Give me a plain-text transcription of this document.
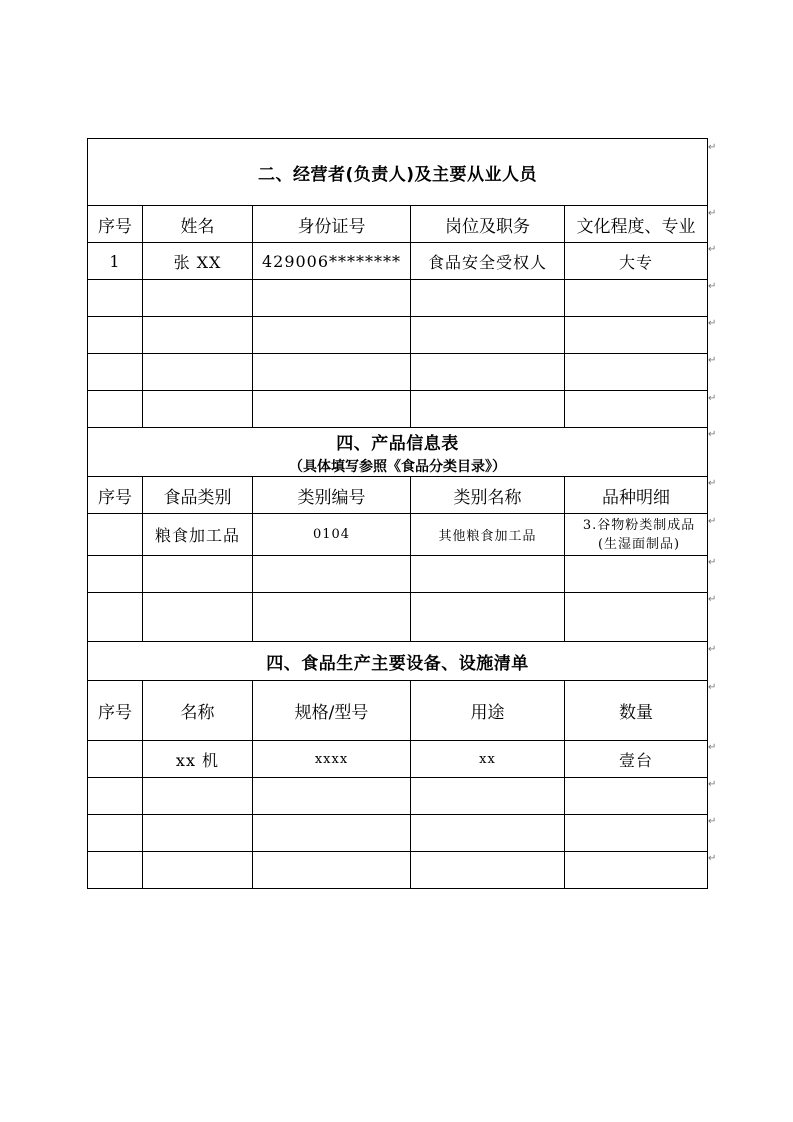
二、经营者(负责人)及主要从业人员				

序号	姓名	身份证号	岗位及职务	文化程度、专业
1	张 XX	429006********	食品安全受权人	大专

四、产品信息表
（具体填写参照《食品分类目录》）				

序号	食品类别	类别编号	类别名称	品种明细
	粮食加工品	0104	其他粮食加工品	3.谷物粉类制成品
(生湿面制品)

四、食品生产主要设备、设施清单				

序号	名称	规格/型号	用途	数量
	xx 机	xxxx	xx	壹台

↵
↵
↵
↵
↵
↵
↵
↵
↵
↵
↵
↵
↵
↵
↵
↵
↵
↵
